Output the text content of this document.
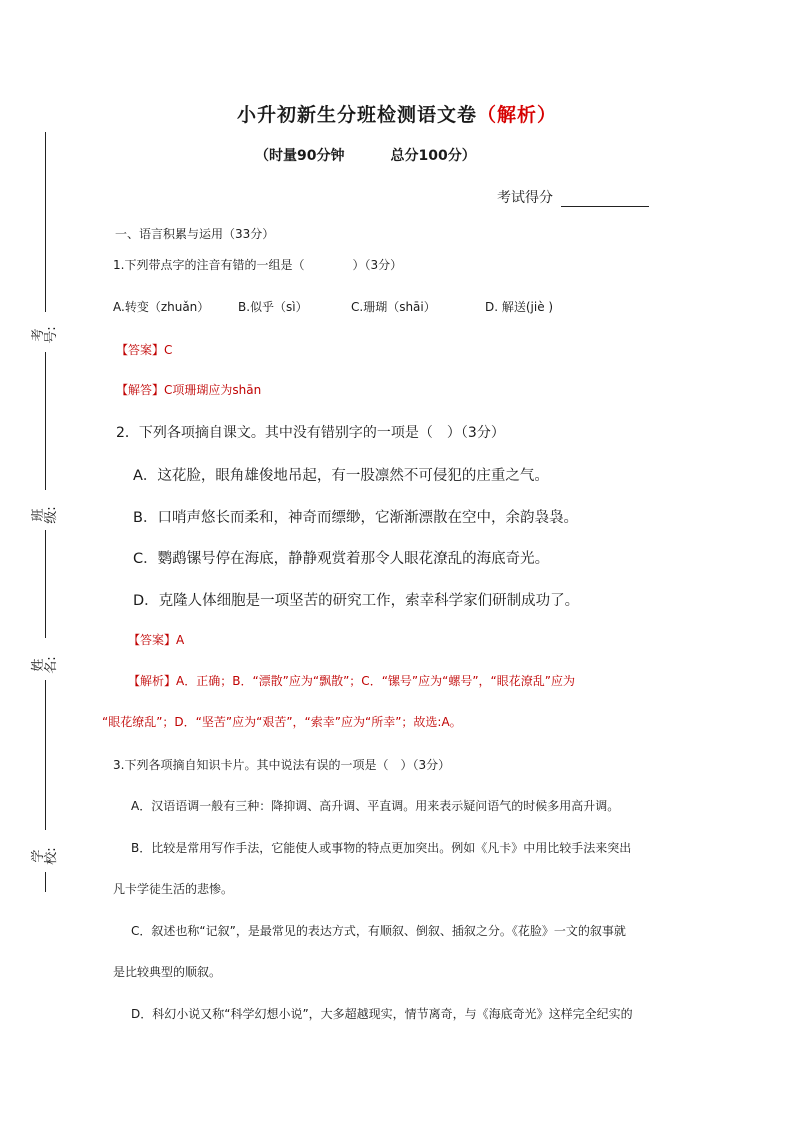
考号:
班级:
姓名:
学校:
小升初新生分班检测语文卷（解析）
（时量90分钟	总分100分）
考试得分
一、语言积累与运用（33分）
1.下列带点字的注音有错的一组是（　　　　）（3分）
A.转变（zhuǎn） B.似乎（sì）	C.珊瑚（shāi）	D. 解送(jiè )
【答案】C
【解答】C项珊瑚应为shān
2．下列各项摘自课文。其中没有错别字的一项是（　）（3分）
A．这花脸，眼角雄俊地吊起，有一股凛然不可侵犯的庄重之气。
B．口哨声悠长而柔和，神奇而缥缈，它渐渐漂散在空中，余韵袅袅。
C．鹦鹉镙号停在海底，静静观赏着那令人眼花潦乱的海底奇光。
D．克隆人体细胞是一项坚苦的研究工作，索幸科学家们研制成功了。
【答案】A
【解析】A．正确；B．“漂散”应为“飘散”；C．“镙号”应为“螺号”，“眼花潦乱”应为
“眼花缭乱”；D．“坚苦”应为“艰苦”，“索幸”应为“所幸”；故选:A。
3.下列各项摘自知识卡片。其中说法有误的一项是（　）（3分）
A．汉语语调一般有三种：降抑调、高升调、平直调。用来表示疑问语气的时候多用高升调。
B．比较是常用写作手法，它能使人或事物的特点更加突出。例如《凡卡》中用比较手法来突出
凡卡学徒生活的悲惨。
C．叙述也称“记叙”，是最常见的表达方式，有顺叙、倒叙、插叙之分。《花脸》一文的叙事就
是比较典型的顺叙。
D．科幻小说又称“科学幻想小说”，大多超越现实，情节离奇，与《海底奇光》这样完全纪实的
